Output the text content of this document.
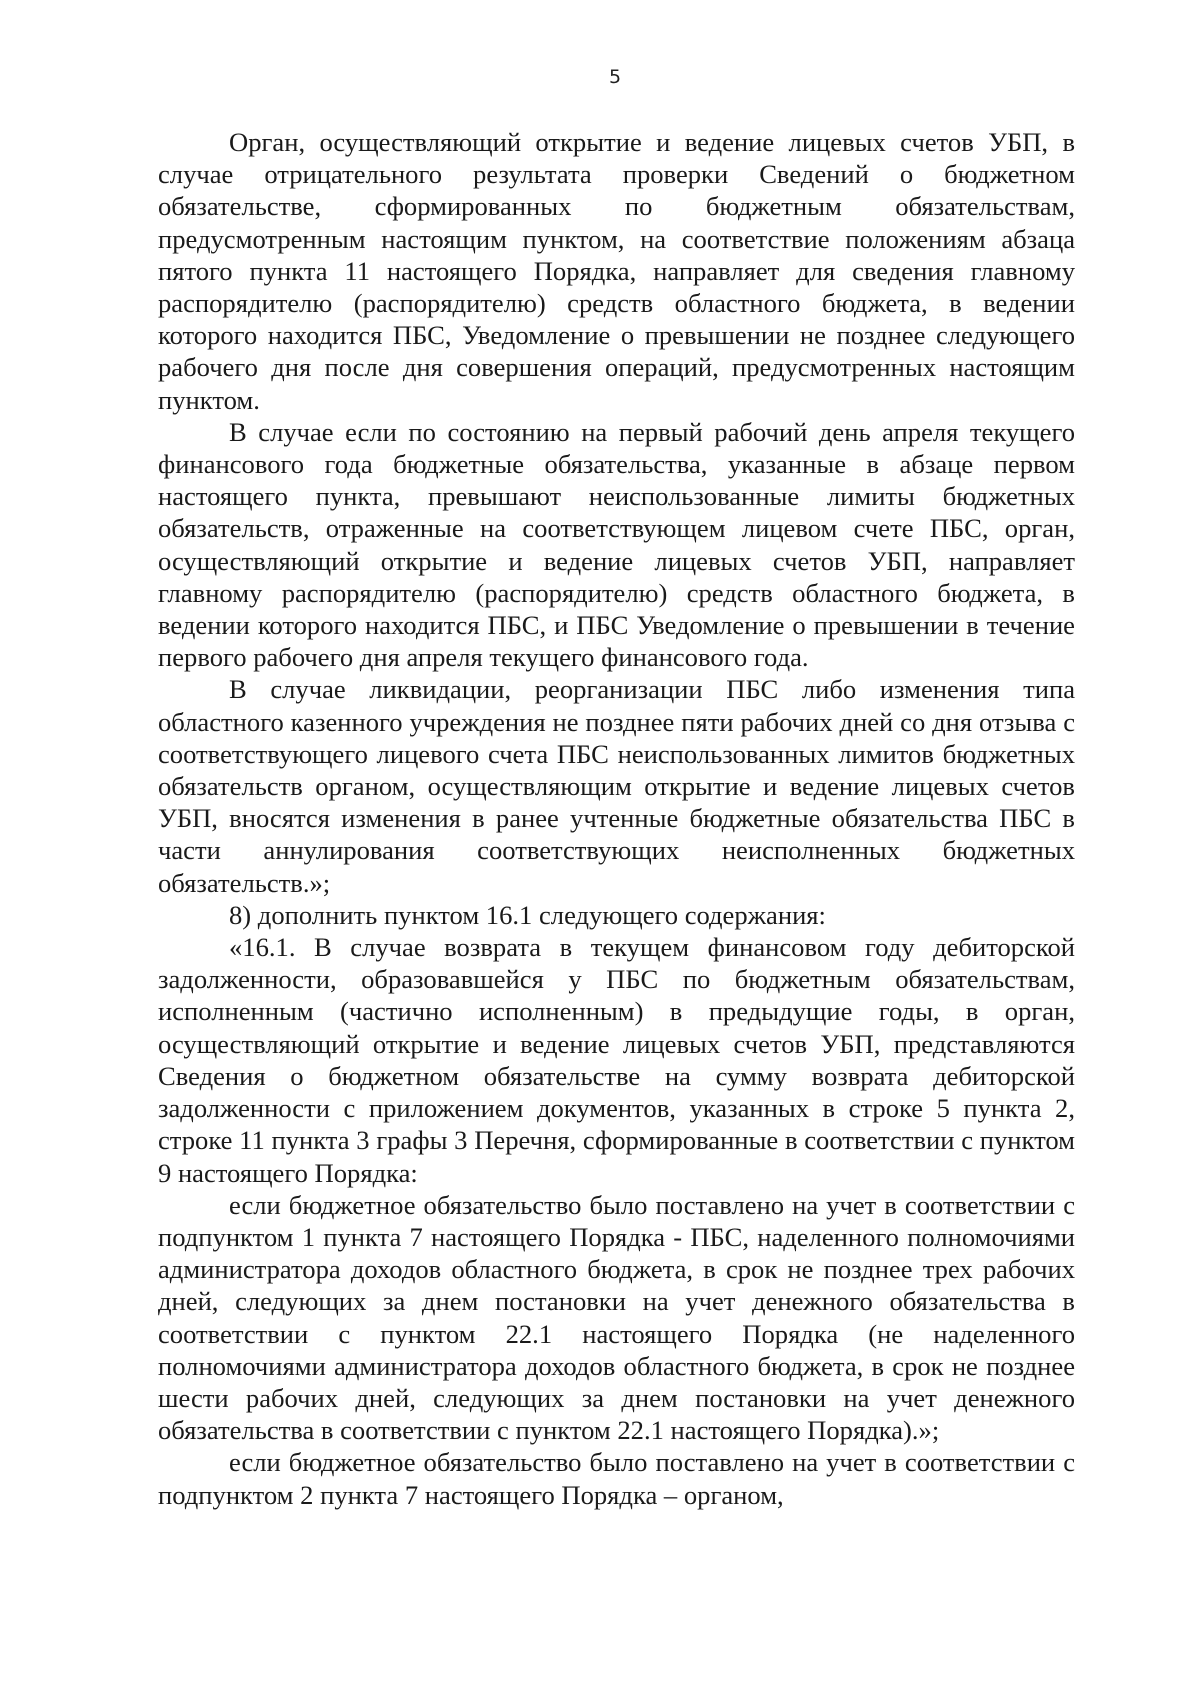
5

Орган, осуществляющий открытие и ведение лицевых счетов УБП, в случае отрицательного результата проверки Сведений о бюджетном обязательстве, сформированных по бюджетным обязательствам, предусмотренным настоящим пунктом, на соответствие положениям абзаца пятого пункта 11 настоящего Порядка, направляет для сведения главному распорядителю (распорядителю) средств областного бюджета, в ведении которого находится ПБС, Уведомление о превышении не позднее следующего рабочего дня после дня совершения операций, предусмотренных настоящим пунктом.

В случае если по состоянию на первый рабочий день апреля текущего финансового года бюджетные обязательства, указанные в абзаце первом настоящего пункта, превышают неиспользованные лимиты бюджетных обязательств, отраженные на соответствующем лицевом счете ПБС, орган, осуществляющий открытие и ведение лицевых счетов УБП, направляет главному распорядителю (распорядителю) средств областного бюджета, в ведении которого находится ПБС, и ПБС Уведомление о превышении в течение первого рабочего дня апреля текущего финансового года.

В случае ликвидации, реорганизации ПБС либо изменения типа областного казенного учреждения не позднее пяти рабочих дней со дня отзыва с соответствующего лицевого счета ПБС неиспользованных лимитов бюджетных обязательств органом, осуществляющим открытие и ведение лицевых счетов УБП, вносятся изменения в ранее учтенные бюджетные обязательства ПБС в части аннулирования соответствующих неисполненных бюджетных обязательств.»;

8) дополнить пунктом 16.1 следующего содержания:

«16.1. В случае возврата в текущем финансовом году дебиторской задолженности, образовавшейся у ПБС по бюджетным обязательствам, исполненным (частично исполненным) в предыдущие годы, в орган, осуществляющий открытие и ведение лицевых счетов УБП, представляются Сведения о бюджетном обязательстве на сумму возврата дебиторской задолженности с приложением документов, указанных в строке 5 пункта 2, строке 11 пункта 3 графы 3 Перечня, сформированные в соответствии с пунктом 9 настоящего Порядка:

если бюджетное обязательство было поставлено на учет в соответствии с подпунктом 1 пункта 7 настоящего Порядка - ПБС, наделенного полномочиями администратора доходов областного бюджета, в срок не позднее трех рабочих дней, следующих за днем постановки на учет денежного обязательства в соответствии с пунктом 22.1 настоящего Порядка (не наделенного полномочиями администратора доходов областного бюджета, в срок не позднее шести рабочих дней, следующих за днем постановки на учет денежного обязательства в соответствии с пунктом 22.1 настоящего Порядка).»;

если бюджетное обязательство было поставлено на учет в соответствии с подпунктом 2 пункта 7 настоящего Порядка – органом,
